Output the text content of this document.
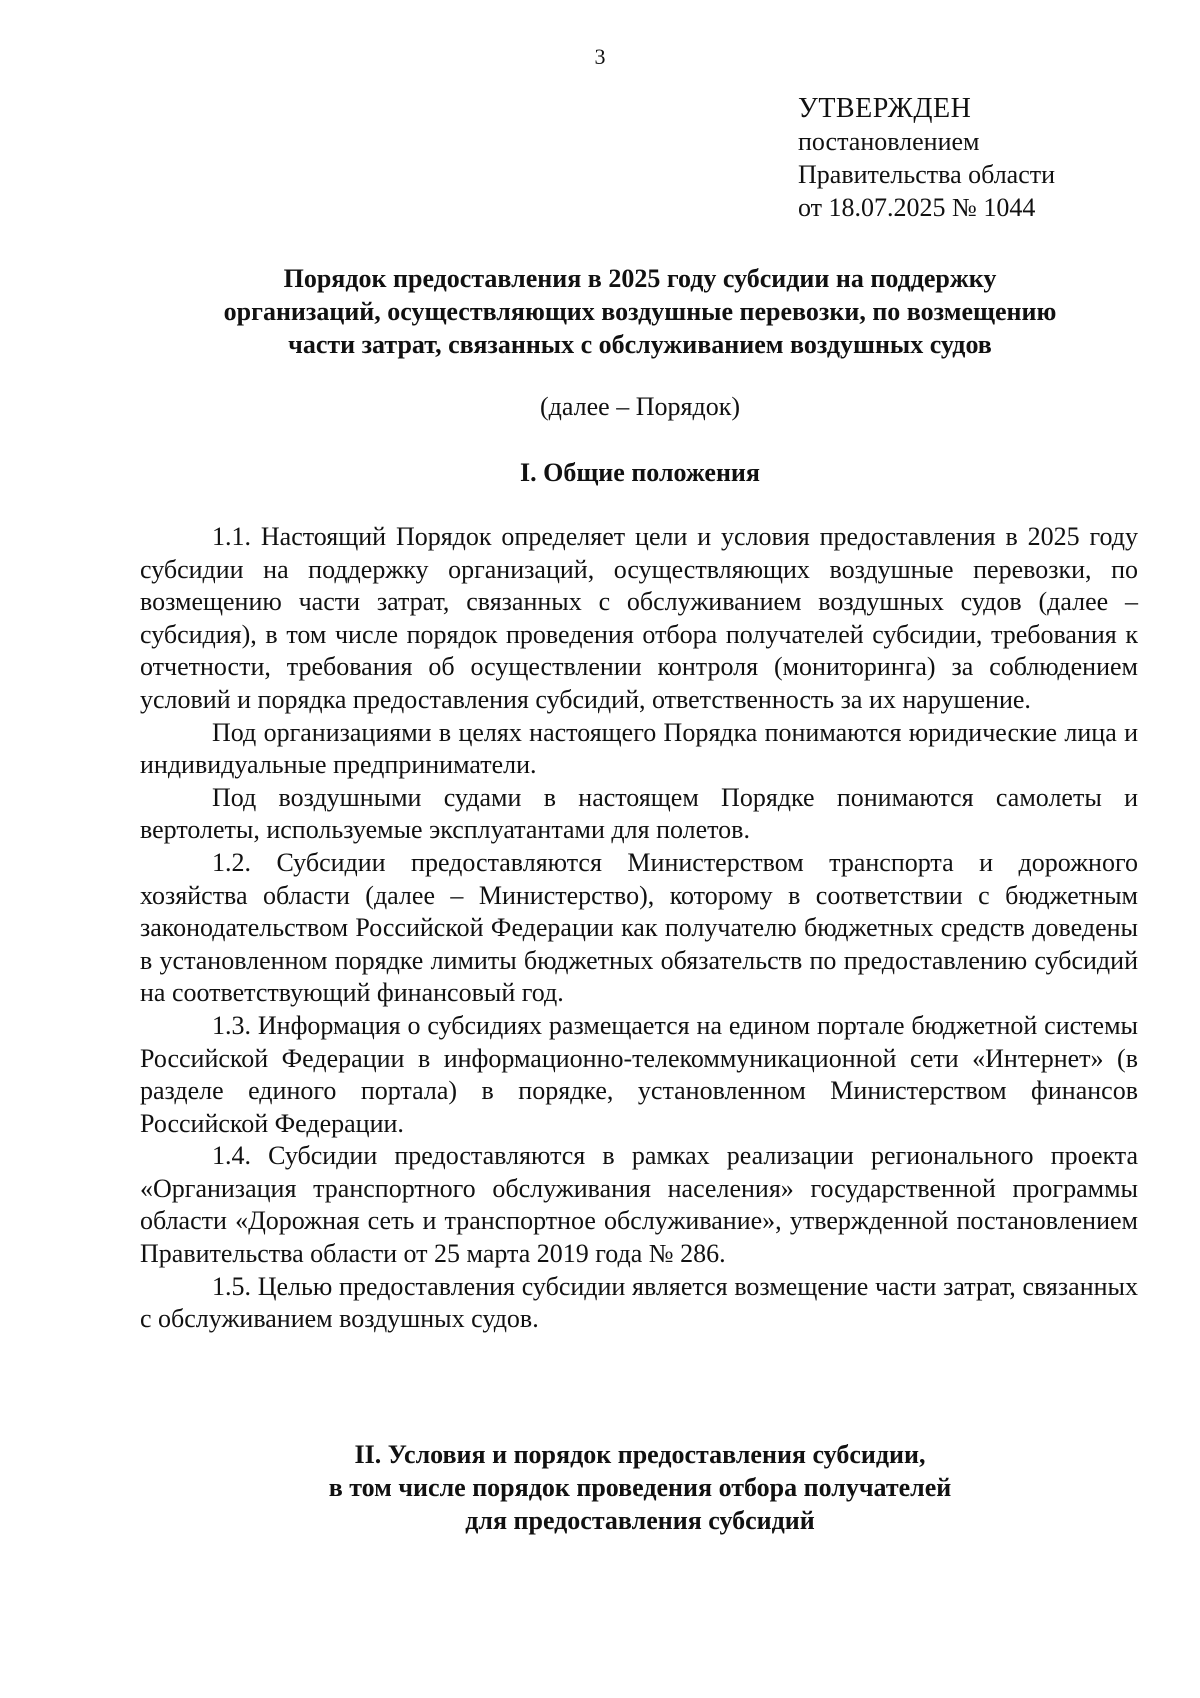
3
УТВЕРЖДЕН
постановлением
Правительства области
от 18.07.2025 № 1044
Порядок предоставления в 2025 году субсидии на поддержку
организаций, осуществляющих воздушные перевозки, по возмещению
части затрат, связанных с обслуживанием воздушных судов
(далее – Порядок)
I. Общие положения

1.1. Настоящий Порядок определяет цели и условия предоставления в 2025 году субсидии на поддержку организаций, осуществляющих воздушные перевозки, по возмещению части затрат, связанных с обслуживанием воздушных судов (далее – субсидия), в том числе порядок проведения отбора получателей субсидии, требования к отчетности, требования об осуществлении контроля (мониторинга) за соблюдением условий и порядка предоставления субсидий, ответственность за их нарушение.

Под организациями в целях настоящего Порядка понимаются юридические лица и индивидуальные предприниматели.

Под воздушными судами в настоящем Порядке понимаются самолеты и вертолеты, используемые эксплуатантами для полетов.

1.2. Субсидии предоставляются Министерством транспорта и дорожного хозяйства области (далее – Министерство), которому в соответствии с бюджетным законодательством Российской Федерации как получателю бюджетных средств доведены в установленном порядке лимиты бюджетных обязательств по предоставлению субсидий на соответствующий финансовый год.

1.3. Информация о субсидиях размещается на едином портале бюджетной системы Российской Федерации в информационно-телекоммуникационной сети «Интернет» (в разделе единого портала) в порядке, установленном Министерством финансов Российской Федерации.

1.4. Субсидии предоставляются в рамках реализации регионального проекта «Организация транспортного обслуживания населения» государственной программы области «Дорожная сеть и транспортное обслуживание», утвержденной постановлением Правительства области от 25 марта 2019 года № 286.

1.5. Целью предоставления субсидии является возмещение части затрат, связанных с обслуживанием воздушных судов.

II. Условия и порядок предоставления субсидии,
в том числе порядок проведения отбора получателей
для предоставления субсидий
